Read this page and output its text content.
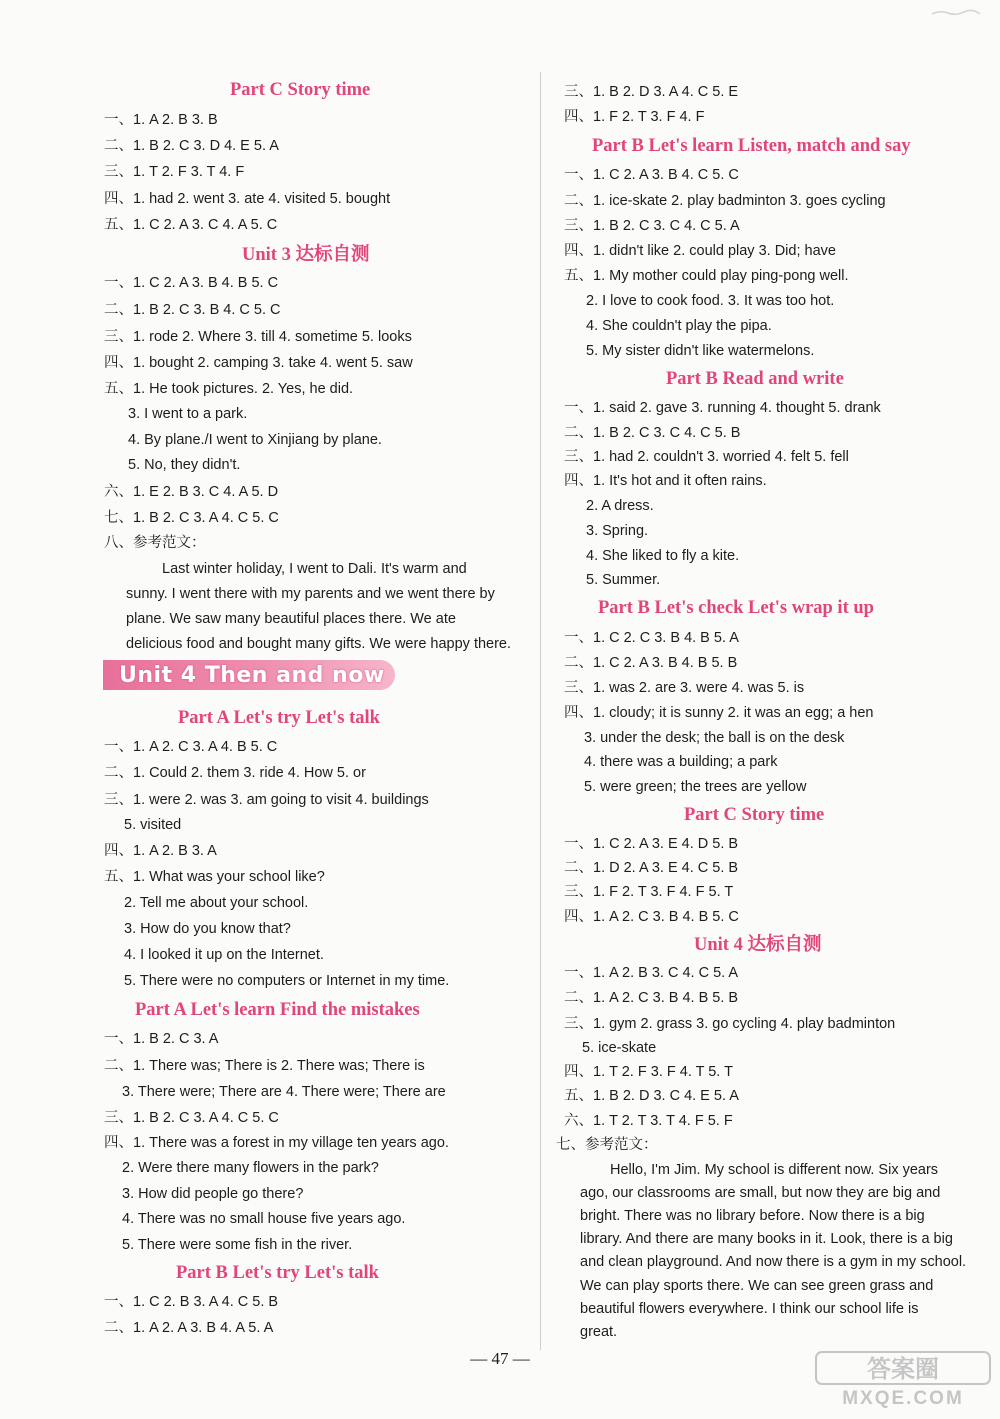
Part C Story time
一、1. A 2. B 3. B
二、1. B 2. C 3. D 4. E 5. A
三、1. T 2. F 3. T 4. F
四、1. had 2. went 3. ate 4. visited 5. bought
五、1. C 2. A 3. C 4. A 5. C
Unit 3 达标自测
一、1. C 2. A 3. B 4. B 5. C
二、1. B 2. C 3. B 4. C 5. C
三、1. rode 2. Where 3. till 4. sometime 5. looks
四、1. bought 2. camping 3. take 4. went 5. saw
五、1. He took pictures. 2. Yes, he did.
3. I went to a park.
4. By plane./I went to Xinjiang by plane.
5. No, they didn't.
六、1. E 2. B 3. C 4. A 5. D
七、1. B 2. C 3. A 4. C 5. C
八、参考范文：
Last winter holiday, I went to Dali. It's warm and
sunny. I went there with my parents and we went there by
plane. We saw many beautiful places there. We ate
delicious food and bought many gifts. We were happy there.
Part A Let's try Let's talk
一、1. A 2. C 3. A 4. B 5. C
二、1. Could 2. them 3. ride 4. How 5. or
三、1. were 2. was 3. am going to visit 4. buildings
5. visited
四、1. A 2. B 3. A
五、1. What was your school like?
2. Tell me about your school.
3. How do you know that?
4. I looked it up on the Internet.
5. There were no computers or Internet in my time.
Part A Let's learn Find the mistakes
一、1. B 2. C 3. A
二、1. There was; There is 2. There was; There is
3. There were; There are 4. There were; There are
三、1. B 2. C 3. A 4. C 5. C
四、1. There was a forest in my village ten years ago.
2. Were there many flowers in the park?
3. How did people go there?
4. There was no small house five years ago.
5. There were some fish in the river.
Part B Let's try Let's talk
一、1. C 2. B 3. A 4. C 5. B
二、1. A 2. A 3. B 4. A 5. A
三、1. B 2. D 3. A 4. C 5. E
四、1. F 2. T 3. F 4. F
Part B Let's learn Listen, match and say
一、1. C 2. A 3. B 4. C 5. C
二、1. ice-skate 2. play badminton 3. goes cycling
三、1. B 2. C 3. C 4. C 5. A
四、1. didn't like 2. could play 3. Did; have
五、1. My mother could play ping-pong well.
2. I love to cook food. 3. It was too hot.
4. She couldn't play the pipa.
5. My sister didn't like watermelons.
Part B Read and write
一、1. said 2. gave 3. running 4. thought 5. drank
二、1. B 2. C 3. C 4. C 5. B
三、1. had 2. couldn't 3. worried 4. felt 5. fell
四、1. It's hot and it often rains.
2. A dress.
3. Spring.
4. She liked to fly a kite.
5. Summer.
Part B Let's check Let's wrap it up
一、1. C 2. C 3. B 4. B 5. A
二、1. C 2. A 3. B 4. B 5. B
三、1. was 2. are 3. were 4. was 5. is
四、1. cloudy; it is sunny 2. it was an egg; a hen
3. under the desk; the ball is on the desk
4. there was a building; a park
5. were green; the trees are yellow
Part C Story time
一、1. C 2. A 3. E 4. D 5. B
二、1. D 2. A 3. E 4. C 5. B
三、1. F 2. T 3. F 4. F 5. T
四、1. A 2. C 3. B 4. B 5. C
Unit 4 达标自测
一、1. A 2. B 3. C 4. C 5. A
二、1. A 2. C 3. B 4. B 5. B
三、1. gym 2. grass 3. go cycling 4. play badminton
5. ice-skate
四、1. T 2. F 3. F 4. T 5. T
五、1. B 2. D 3. C 4. E 5. A
六、1. T 2. T 3. T 4. F 5. F
七、参考范文：
Hello, I'm Jim. My school is different now. Six years
ago, our classrooms are small, but now they are big and
bright. There was no library before. Now there is a big
library. And there are many books in it. Look, there is a big
and clean playground. And now there is a gym in my school.
We can play sports there. We can see green grass and
beautiful flowers everywhere. I think our school life is
great.
Unit 4 Then and now
— 47 —	答案圈
MXQE.COM
